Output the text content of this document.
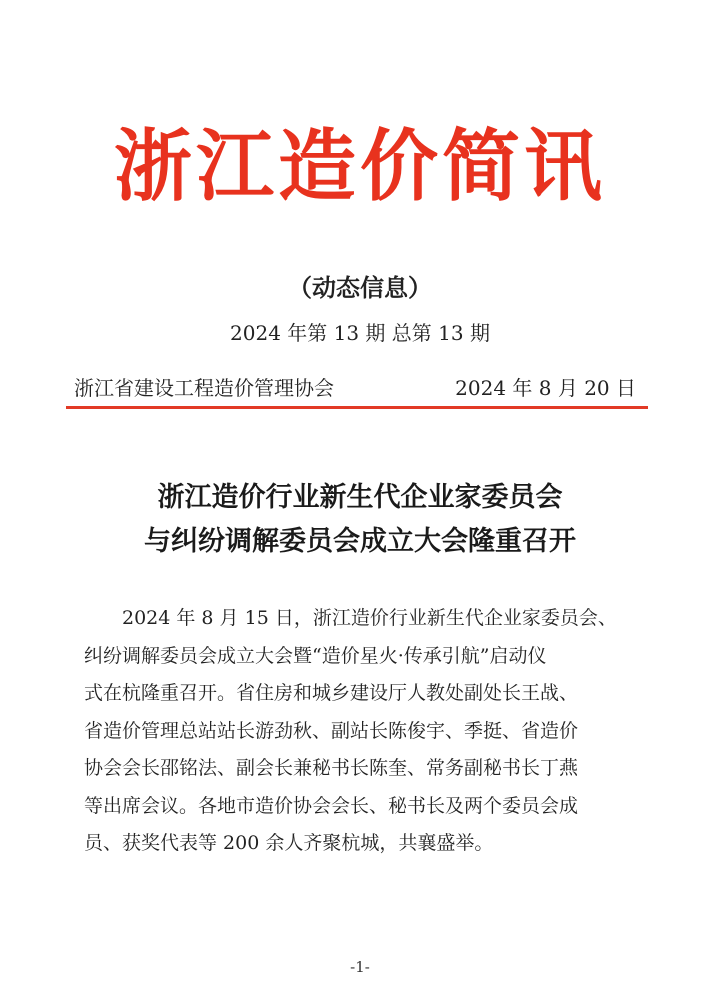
浙江造价简讯
（动态信息）
2024 年第 13 期 总第 13 期
浙江省建设工程造价管理协会	2024 年 8 月 20 日
浙江造价行业新生代企业家委员会
与纠纷调解委员会成立大会隆重召开
2024 年 8 月 15 日，浙江造价行业新生代企业家委员会、
纠纷调解委员会成立大会暨“造价星火·传承引航”启动仪
式在杭隆重召开。省住房和城乡建设厅人教处副处长王战、
省造价管理总站站长游劲秋、副站长陈俊宇、季挺、省造价
协会会长邵铭法、副会长兼秘书长陈奎、常务副秘书长丁燕
等出席会议。各地市造价协会会长、秘书长及两个委员会成
员、获奖代表等 200 余人齐聚杭城，共襄盛举。
-1-
